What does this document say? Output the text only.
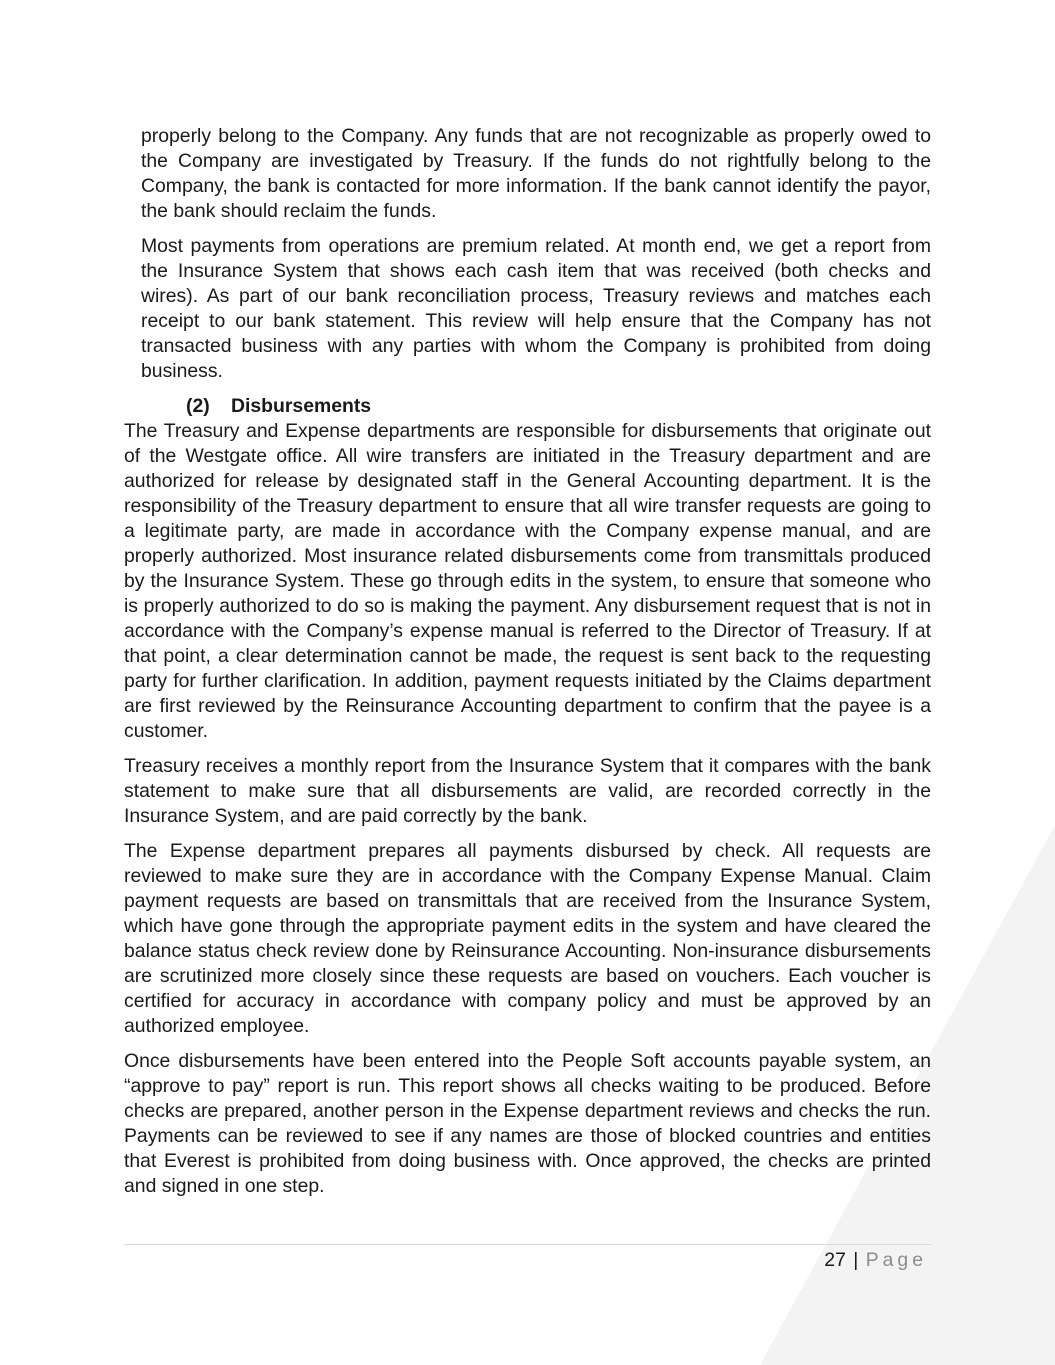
properly belong to the Company. Any funds that are not recognizable as properly owed to the Company are investigated by Treasury. If the funds do not rightfully belong to the Company, the bank is contacted for more information. If the bank cannot identify the payor, the bank should reclaim the funds.

Most payments from operations are premium related. At month end, we get a report from the Insurance System that shows each cash item that was received (both checks and wires). As part of our bank reconciliation process, Treasury reviews and matches each receipt to our bank statement. This review will help ensure that the Company has not transacted business with any parties with whom the Company is prohibited from doing business.

(2) Disbursements

The Treasury and Expense departments are responsible for disbursements that originate out of the Westgate office. All wire transfers are initiated in the Treasury department and are authorized for release by designated staff in the General Accounting department. It is the responsibility of the Treasury department to ensure that all wire transfer requests are going to a legitimate party, are made in accordance with the Company expense manual, and are properly authorized. Most insurance related disbursements come from transmittals produced by the Insurance System. These go through edits in the system, to ensure that someone who is properly authorized to do so is making the payment. Any disbursement request that is not in accordance with the Company’s expense manual is referred to the Director of Treasury. If at that point, a clear determination cannot be made, the request is sent back to the requesting party for further clarification. In addition, payment requests initiated by the Claims department are first reviewed by the Reinsurance Accounting department to confirm that the payee is a customer.

Treasury receives a monthly report from the Insurance System that it compares with the bank statement to make sure that all disbursements are valid, are recorded correctly in the Insurance System, and are paid correctly by the bank.

The Expense department prepares all payments disbursed by check. All requests are reviewed to make sure they are in accordance with the Company Expense Manual. Claim payment requests are based on transmittals that are received from the Insurance System, which have gone through the appropriate payment edits in the system and have cleared the balance status check review done by Reinsurance Accounting. Non-insurance disbursements are scrutinized more closely since these requests are based on vouchers. Each voucher is certified for accuracy in accordance with company policy and must be approved by an authorized employee.

Once disbursements have been entered into the People Soft accounts payable system, an “approve to pay” report is run. This report shows all checks waiting to be produced. Before checks are prepared, another person in the Expense department reviews and checks the run. Payments can be reviewed to see if any names are those of blocked countries and entities that Everest is prohibited from doing business with. Once approved, the checks are printed and signed in one step.

27 | Page
